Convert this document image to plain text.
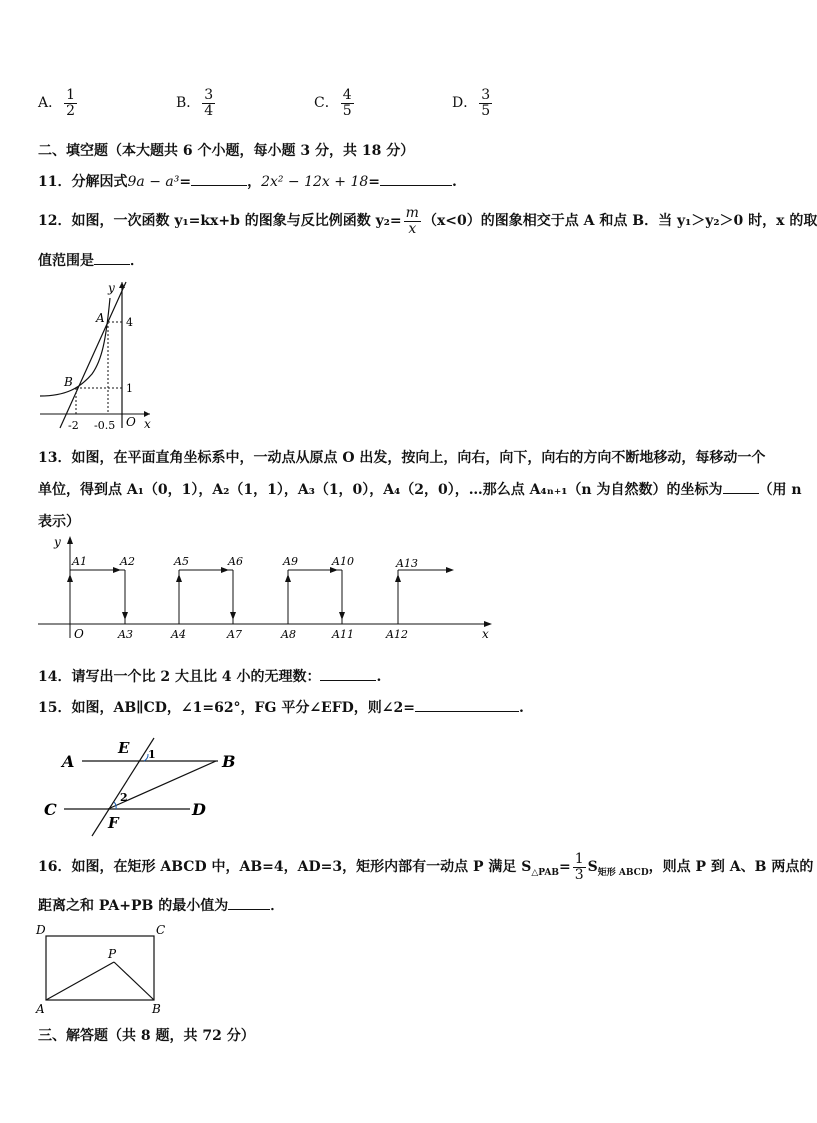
A． $\frac{1}{2}$	B． $\frac{3}{4}$	C． $\frac{4}{5}$	D． $\frac{3}{5}$
二、填空题（本大题共 6 个小题，每小题 3 分，共 18 分）
11．分解因式9a − a³=	，2x² − 12x + 18=	.
12．如图，一次函数 y₁=kx+b 的图象与反比例函数 $y_2= \frac{m}{x} (x<0)$的图象相交于点 A 和点 B．当 y₁＞y₂＞0 时，x 的取
值范围是	．
y
x
A
B
O
4
1
-2 -0.5
13．如图，在平面直角坐标系中，一动点从原点 O 出发，按向上，向右，向下，向右的方向不断地移动，每移动一个
单位，得到点 A₁（0，1），A₂（1，1），A₃（1，0），A₄（2，0），…那么点 A₄ₙ₊₁（n 为自然数）的坐标为	（用 n
表示）
y
x
O
A1	A2	A5	A6	A9	A10	A13
A3	A4	A7	A8	A11	A12
14．请写出一个比 2 大且比 4 小的无理数：	.
15．如图，AB∥CD，∠1=62°，FG 平分∠EFD，则∠2=	.
A	B
C	D
E
F
1
2
16．如图，在矩形 ABCD 中，AB=4，AD=3，矩形内部有一动点 P 满足 $S_{\triangle PAB}= \frac{1}{3} S_{矩形 ABCD}$，则点 P 到 A、B 两点的
距离之和 PA+PB 的最小值为	．
D	C
A	B
P
三、解答题（共 8 题，共 72 分）
